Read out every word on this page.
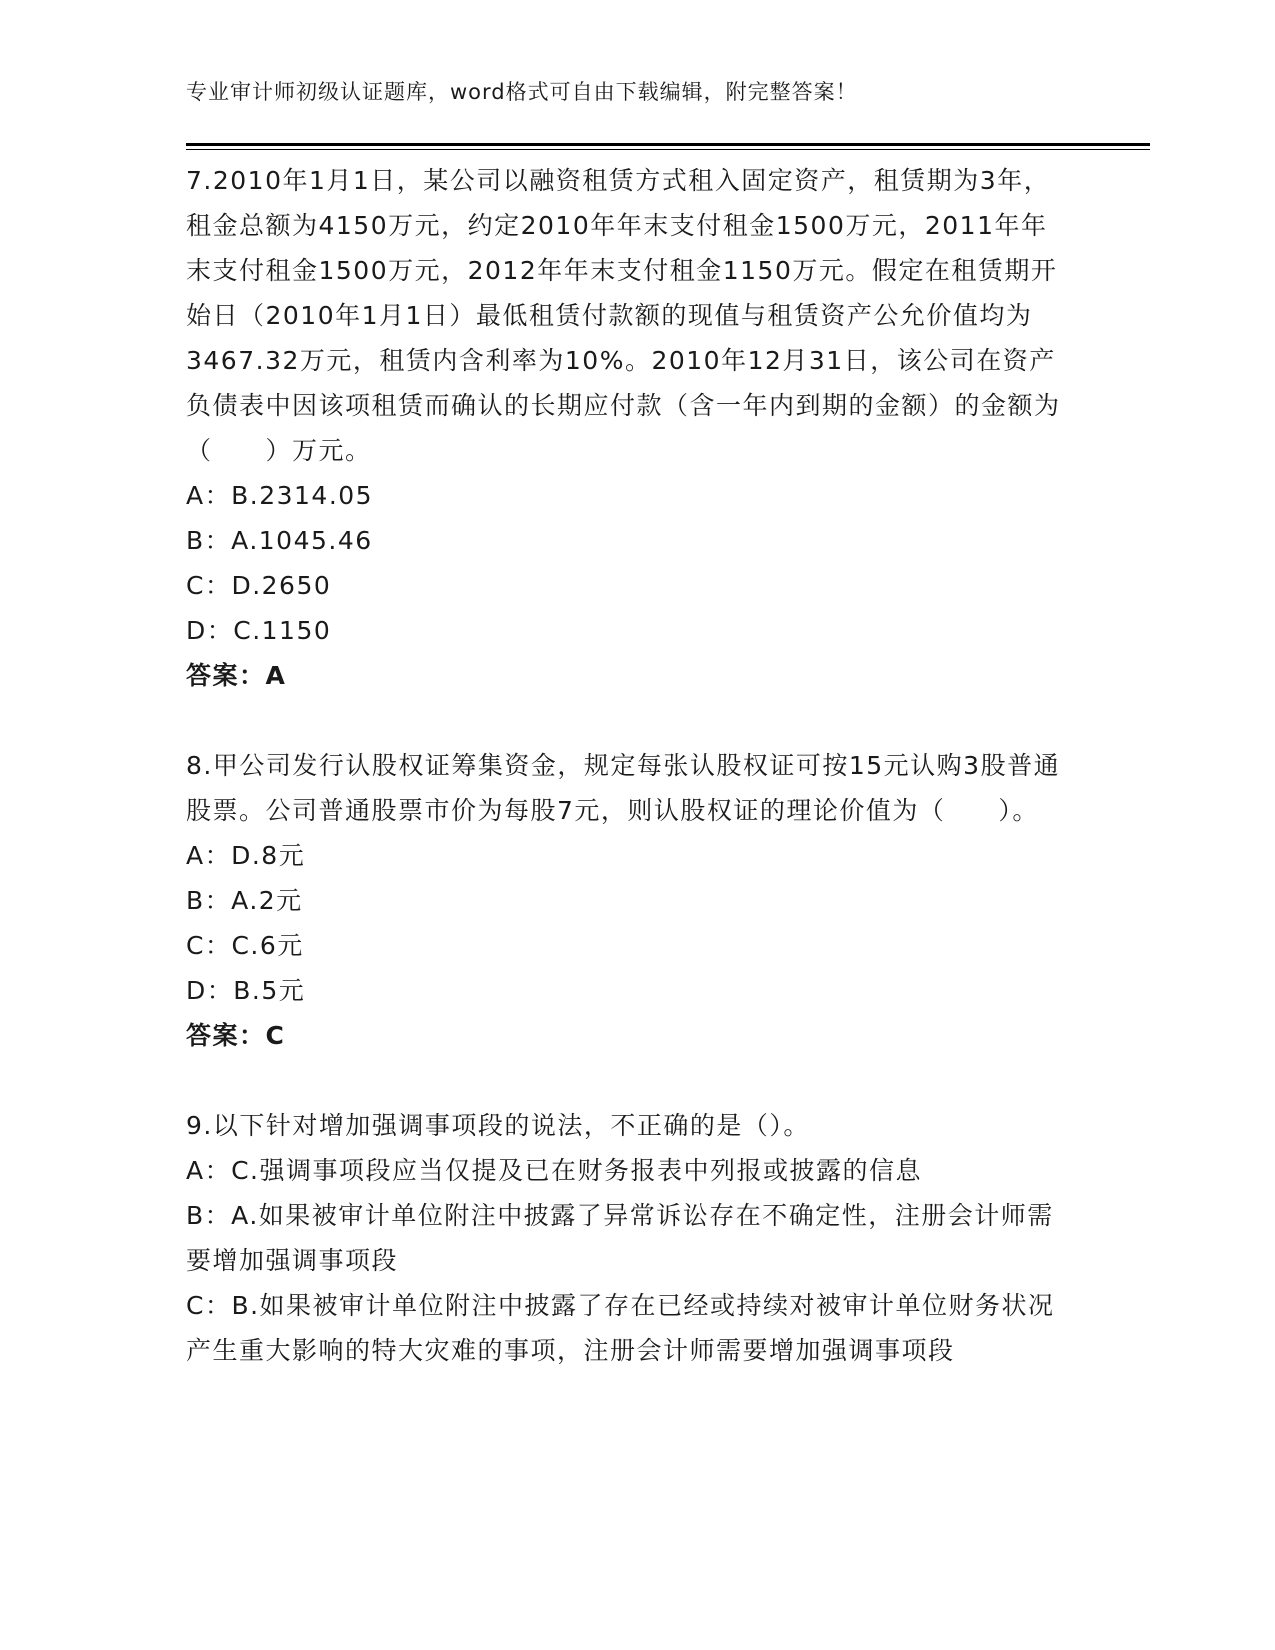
专业审计师初级认证题库，word格式可自由下载编辑，附完整答案！

7.2010年1月1日，某公司以融资租赁方式租入固定资产，租赁期为3年，租金总额为4150万元，约定2010年年末支付租金1500万元，2011年年末支付租金1500万元，2012年年末支付租金1150万元。假定在租赁期开始日（2010年1月1日）最低租赁付款额的现值与租赁资产公允价值均为3467.32万元，租赁内含利率为10%。2010年12月31日，该公司在资产负债表中因该项租赁而确认的长期应付款（含一年内到期的金额）的金额为（　　）万元。

A：B.2314.05

B：A.1045.46

C：D.2650

D：C.1150

答案：A

8.甲公司发行认股权证筹集资金，规定每张认股权证可按15元认购3股普通股票。公司普通股票市价为每股7元，则认股权证的理论价值为（　　）。

A：D.8元

B：A.2元

C：C.6元

D：B.5元

答案：C

9.以下针对增加强调事项段的说法，不正确的是（）。

A：C.强调事项段应当仅提及已在财务报表中列报或披露的信息

B：A.如果被审计单位附注中披露了异常诉讼存在不确定性，注册会计师需要增加强调事项段

C：B.如果被审计单位附注中披露了存在已经或持续对被审计单位财务状况产生重大影响的特大灾难的事项，注册会计师需要增加强调事项段
